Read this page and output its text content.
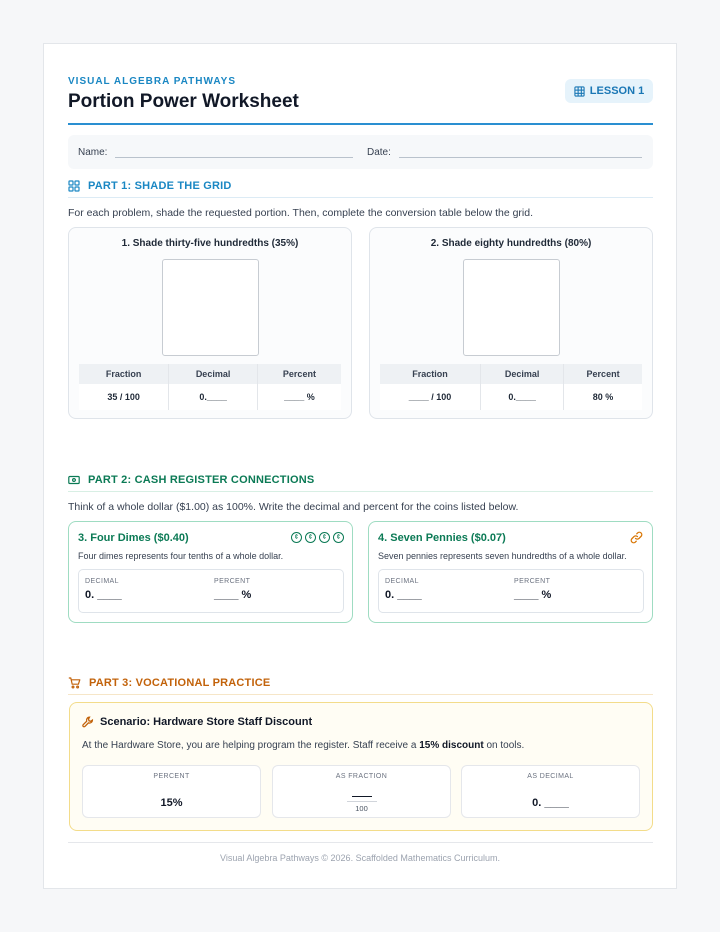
VISUAL ALGEBRA PATHWAYS
Portion Power Worksheet	LESSON 1
Name:	Date:
PART 1: SHADE THE GRID
For each problem, shade the requested portion. Then, complete the conversion table below the grid.
1. Shade thirty-five hundredths (35%)
Fraction	Decimal	Percent
35 / 100	0.____	____ %
2. Shade eighty hundredths (80%)
Fraction	Decimal	Percent
____ / 100	0.____	80 %
PART 2: CASH REGISTER CONNECTIONS
Think of a whole dollar ($1.00) as 100%. Write the decimal and percent for the coins listed below.
3. Four Dimes ($0.40)	¢	¢	¢	¢
Four dimes represents four tenths of a whole dollar.
DECIMAL
0. ____
PERCENT
____ %
4. Seven Pennies ($0.07)
Seven pennies represents seven hundredths of a whole dollar.
DECIMAL
0. ____
PERCENT
____ %
PART 3: VOCATIONAL PRACTICE
Scenario: Hardware Store Staff Discount
At the Hardware Store, you are helping program the register. Staff receive a 15% discount on tools.
PERCENT
15%
AS FRACTION
100
AS DECIMAL
0. ____
Visual Algebra Pathways © 2026. Scaffolded Mathematics Curriculum.
